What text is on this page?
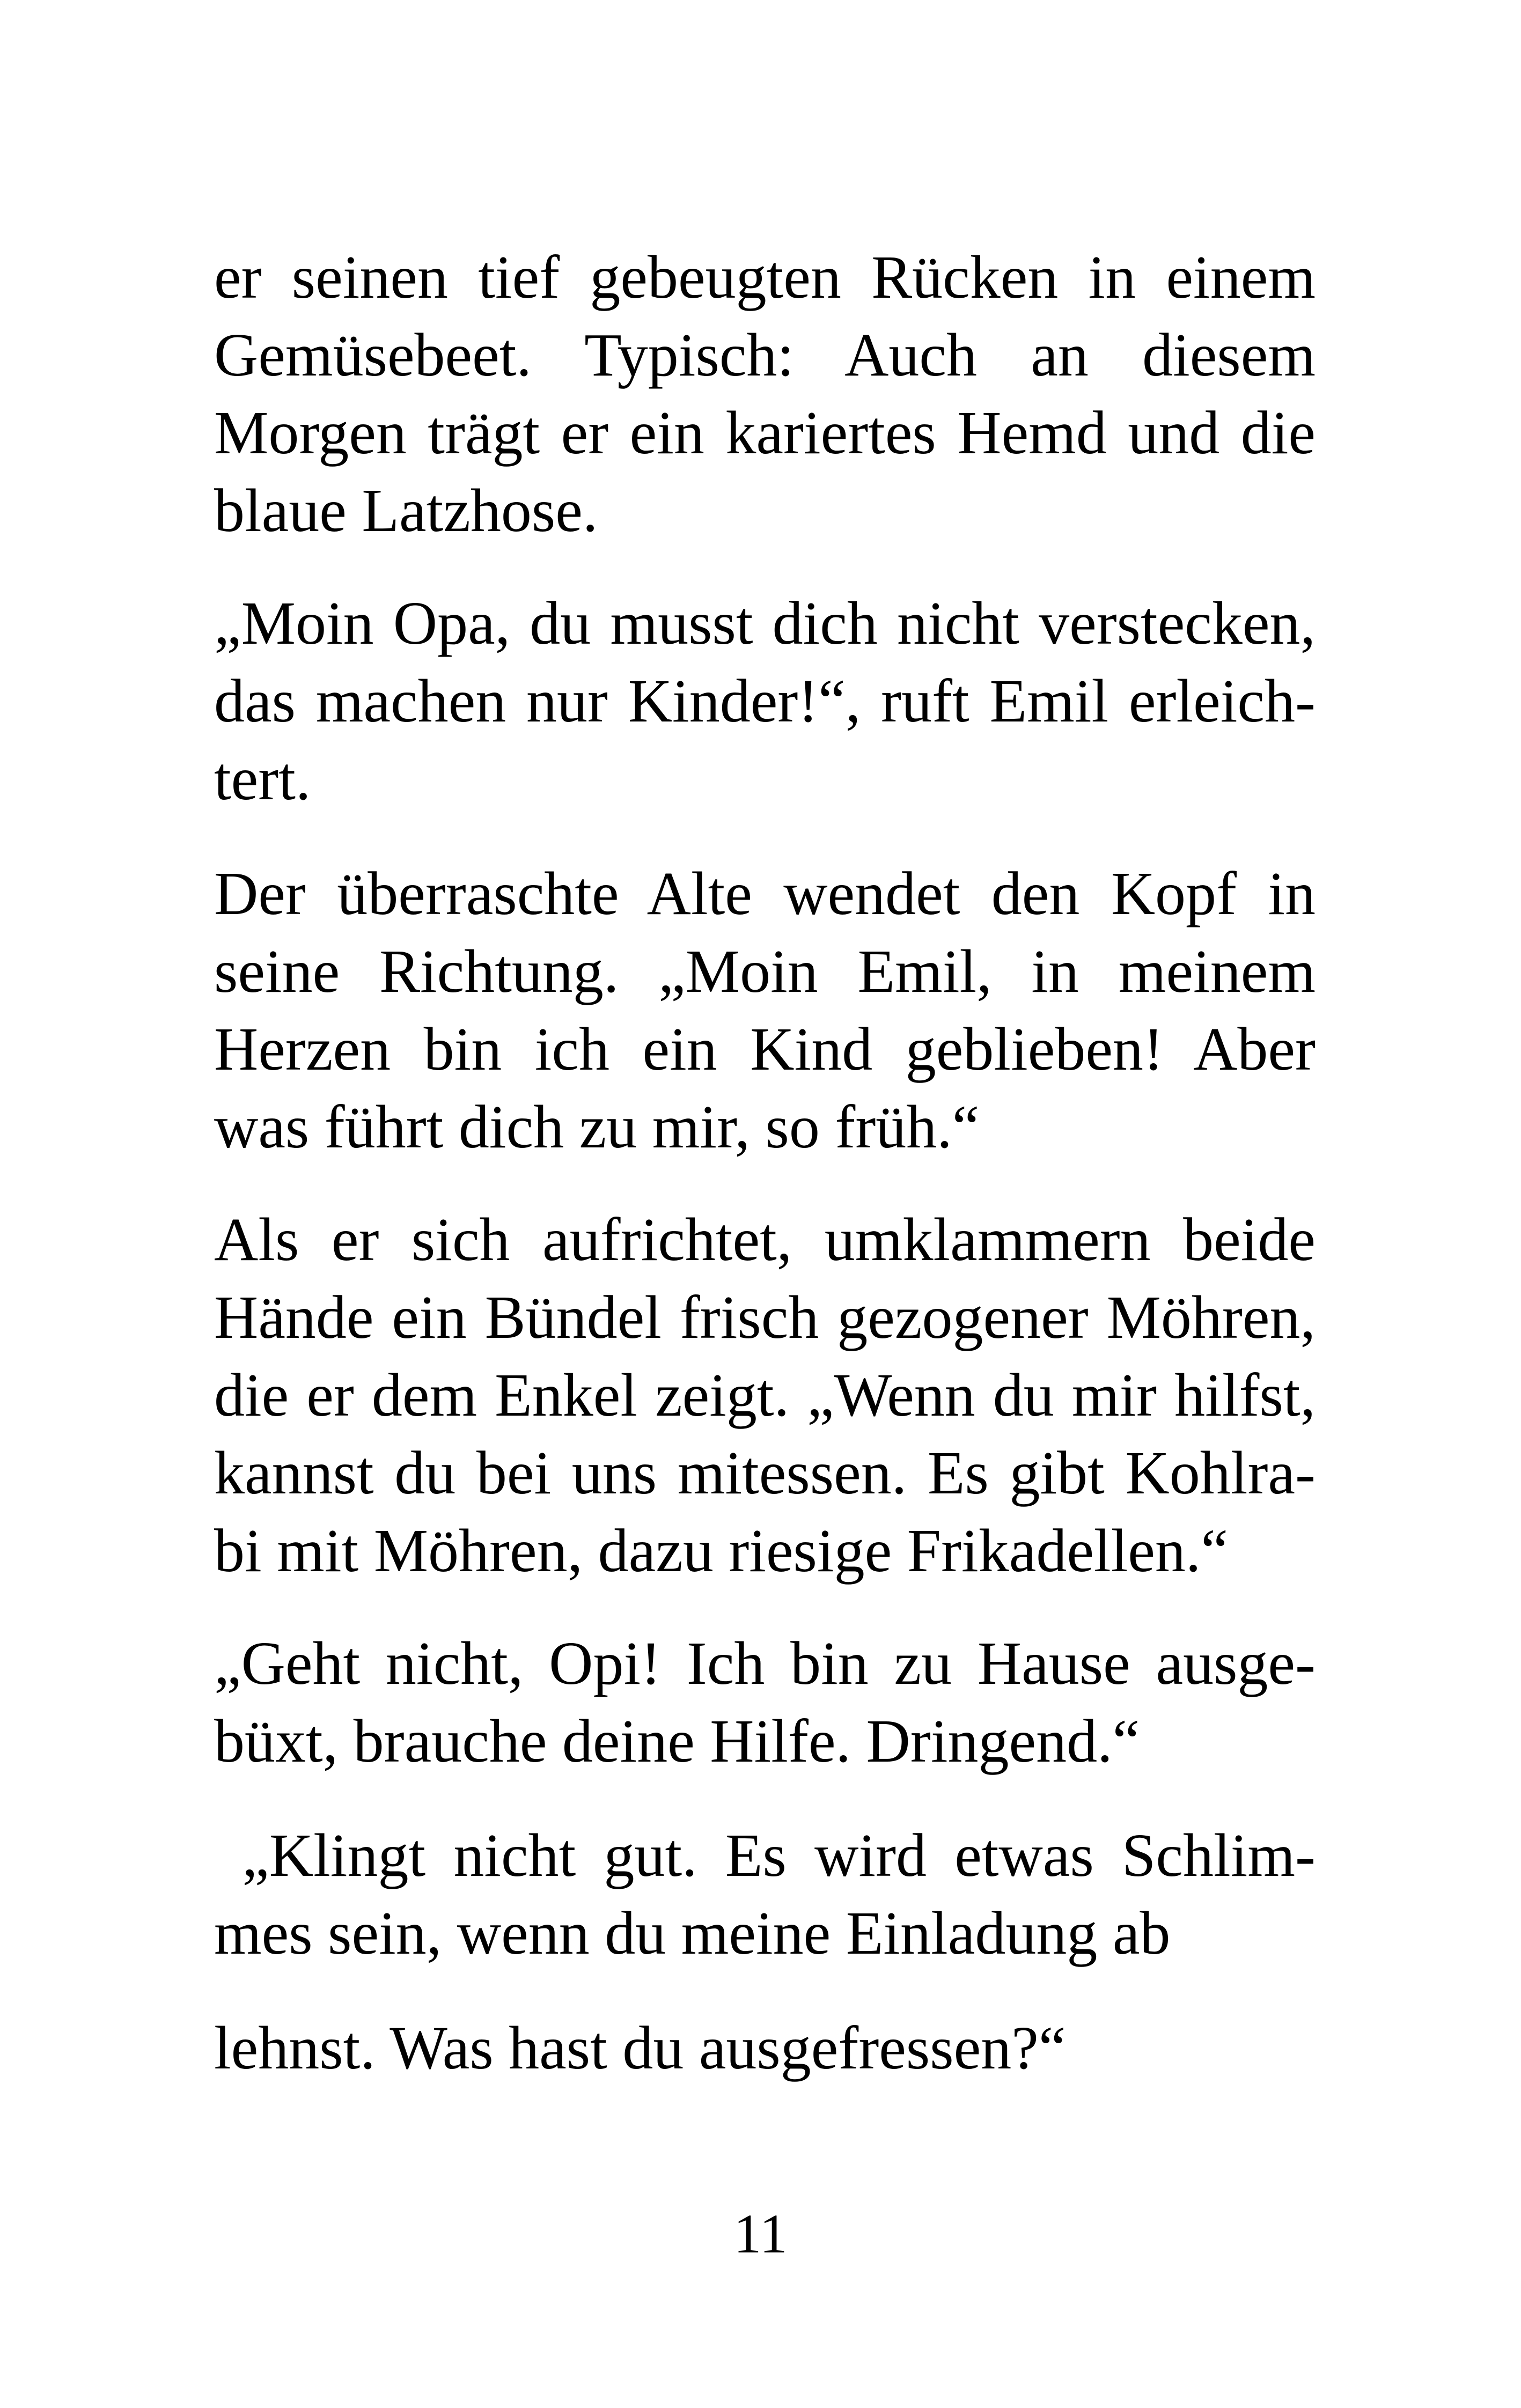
er seinen tief gebeugten Rücken in einem
Gemüsebeet. Typisch: Auch an diesem
Morgen trägt er ein kariertes Hemd und die
blaue Latzhose.
„Moin Opa, du musst dich nicht verstecken,
das machen nur Kinder!“, ruft Emil erleich-
tert.
Der überraschte Alte wendet den Kopf in
seine Richtung. „Moin Emil, in meinem
Herzen bin ich ein Kind geblieben! Aber
was führt dich zu mir, so früh.“
Als er sich aufrichtet, umklammern beide
Hände ein Bündel frisch gezogener Möhren,
die er dem Enkel zeigt. „Wenn du mir hilfst,
kannst du bei uns mitessen. Es gibt Kohlra-
bi mit Möhren, dazu riesige Frikadellen.“
„Geht nicht, Opi! Ich bin zu Hause ausge-
büxt, brauche deine Hilfe. Dringend.“
„Klingt nicht gut. Es wird etwas Schlim-
mes sein, wenn du meine Einladung ab
lehnst. Was hast du ausgefressen?“
11
